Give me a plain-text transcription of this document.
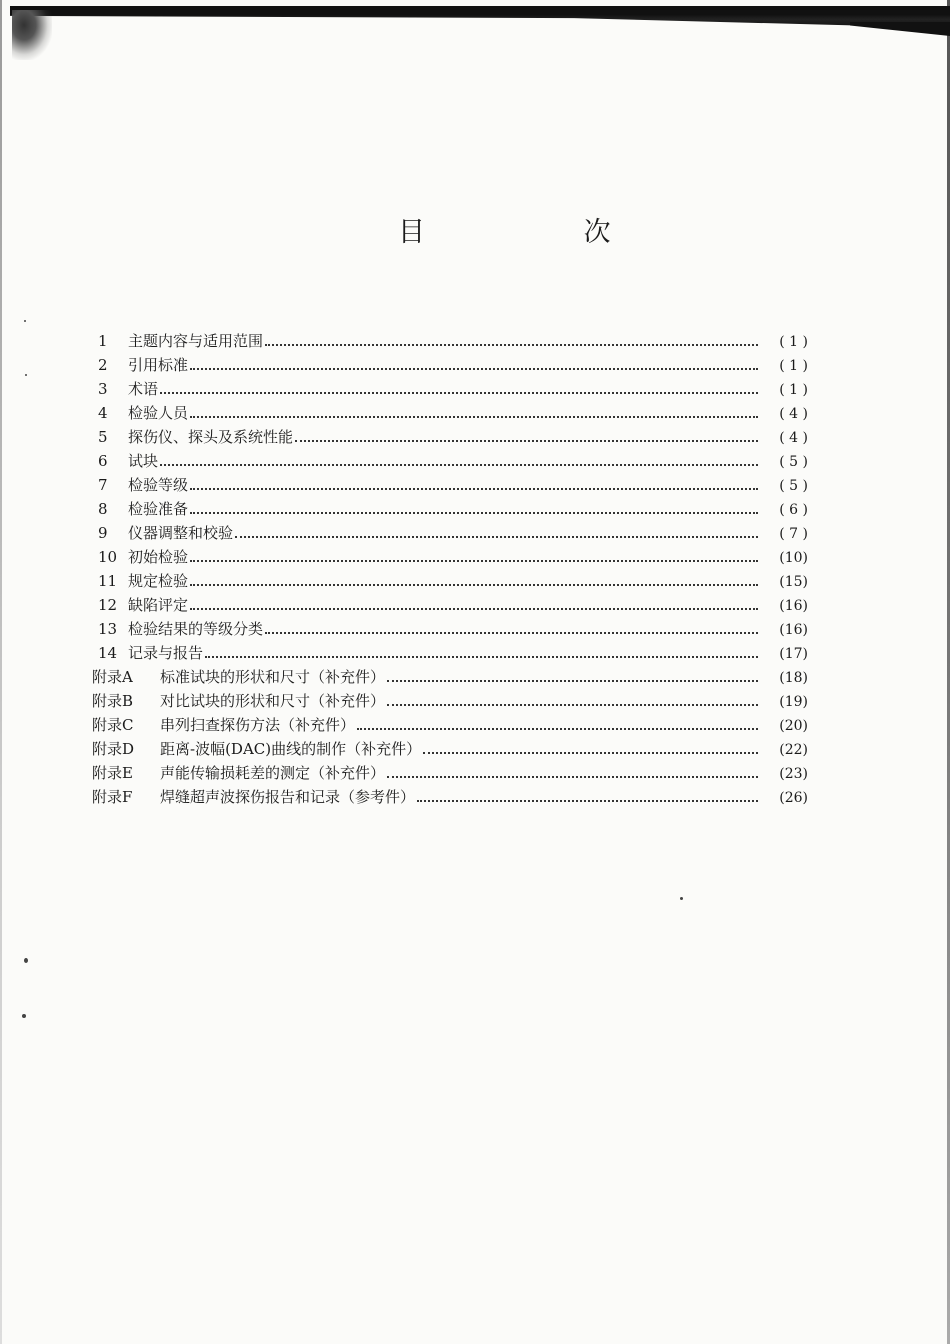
目 次
1	主题内容与适用范围	( 1 )
2	引用标准	( 1 )
3	术语	( 1 )
4	检验人员	( 4 )
5	探伤仪、探头及系统性能	( 4 )
6	试块	( 5 )
7	检验等级	( 5 )
8	检验准备	( 6 )
9	仪器调整和校验	( 7 )
10 初始检验	(10)
11 规定检验	(15)
12 缺陷评定	(16)
13 检验结果的等级分类	(16)
14 记录与报告	(17)
附录A	标准试块的形状和尺寸（补充件）	(18)
附录B	对比试块的形状和尺寸（补充件）	(19)
附录C	串列扫查探伤方法（补充件）	(20)
附录D	距离-波幅(DAC)曲线的制作（补充件）	(22)
附录E	声能传输损耗差的测定（补充件）	(23)
附录F	焊缝超声波探伤报告和记录（参考件）	(26)
